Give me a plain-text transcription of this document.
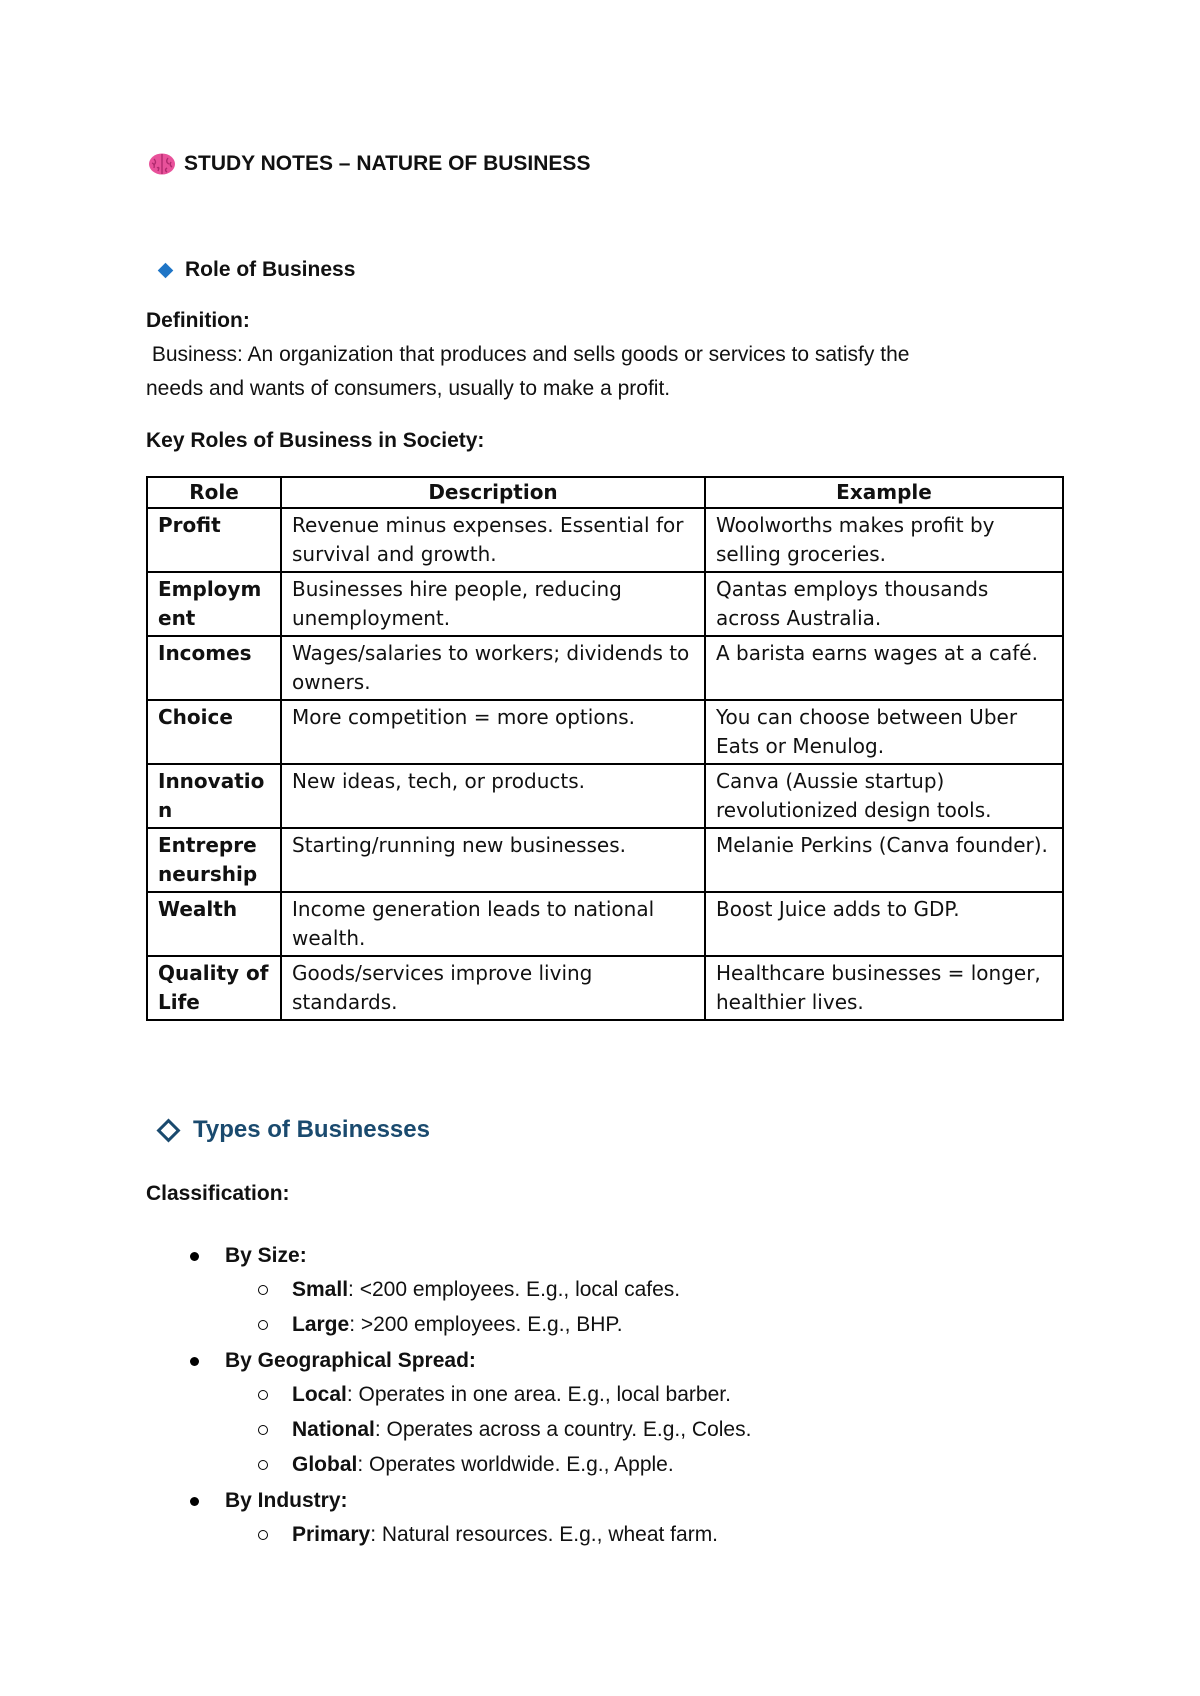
STUDY NOTES – NATURE OF BUSINESS
Role of Business
Definition:
Business: An organization that produces and sells goods or services to satisfy the
needs and wants of consumers, usually to make a profit.
Key Roles of Business in Society:
Role	Description	Example
Profit	Revenue minus expenses. Essential for survival and growth.	Woolworths makes profit by selling groceries.
Employment	Businesses hire people, reducing unemployment.	Qantas employs thousands across Australia.
Incomes	Wages/salaries to workers; dividends to owners.	A barista earns wages at a café.
Choice	More competition = more options.	You can choose between Uber Eats or Menulog.
Innovation	New ideas, tech, or products.	Canva (Aussie startup) revolutionized design tools.
Entrepreneurship	Starting/running new businesses.	Melanie Perkins (Canva founder).
Wealth	Income generation leads to national wealth.	Boost Juice adds to GDP.
Quality of Life	Goods/services improve living standards.	Healthcare businesses = longer, healthier lives.
Types of Businesses
Classification:
By Size:
Small : <200 employees. E.g., local cafes.
Large : >200 employees. E.g., BHP.
By Geographical Spread:
Local : Operates in one area. E.g., local barber.
National : Operates across a country. E.g., Coles.
Global : Operates worldwide. E.g., Apple.
By Industry:
Primary : Natural resources. E.g., wheat farm.
